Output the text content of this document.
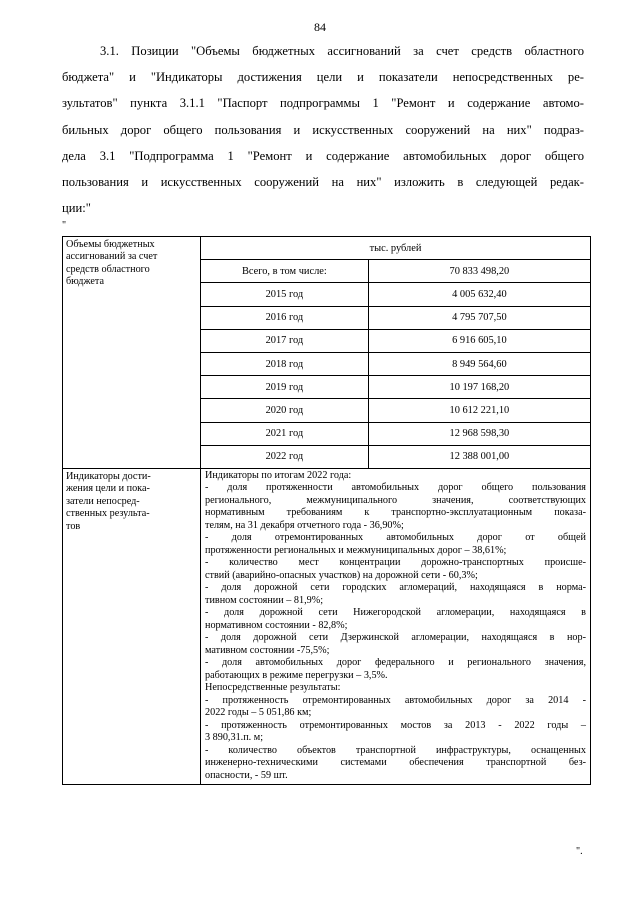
84
3.1. Позиции "Объемы бюджетных ассигнований за счет средств областного
бюджета" и "Индикаторы достижения цели и показатели непосредственных ре-
зультатов" пункта 3.1.1 "Паспорт подпрограммы 1 "Ремонт и содержание автомо-
бильных дорог общего пользования и искусственных сооружений на них" подраз-
дела 3.1 "Подпрограмма 1 "Ремонт и содержание автомобильных дорог общего
пользования и искусственных сооружений на них" изложить в следующей редак-
ции:"
"
Объемы бюджетных
ассигнований за счет
средств областного
бюджета

тыс. рублей
Всего, в том числе:	70 833 498,20
2015 год	4 005 632,40
2016 год	4 795 707,50
2017 год	6 916 605,10
2018 год	8 949 564,60
2019 год	10 197 168,20
2020 год	10 612 221,10
2021 год	12 968 598,30
2022 год	12 388 001,00

Индикаторы дости-
жения цели и пока-
затели непосред-
ственных результа-
тов

Индикаторы по итогам 2022 года:
- доля протяженности автомобильных дорог общего пользования
регионального, межмуниципального значения, соответствующих
нормативным требованиям к транспортно-эксплуатационным показа-
телям, на 31 декабря отчетного года - 36,90%;
- доля отремонтированных автомобильных дорог от общей
протяженности региональных и межмуниципальных дорог – 38,61%;
- количество мест концентрации дорожно-транспортных происше-
ствий (аварийно-опасных участков) на дорожной сети - 60,3%;
- доля дорожной сети городских агломераций, находящаяся в норма-
тивном состоянии – 81,9%;
- доля дорожной сети Нижегородской агломерации, находящаяся в
нормативном состоянии - 82,8%;
- доля дорожной сети Дзержинской агломерации, находящаяся в нор-
мативном состоянии -75,5%;
- доля автомобильных дорог федерального и регионального значения,
работающих в режиме перегрузки – 3,5%.
Непосредственные результаты:
- протяженность отремонтированных автомобильных дорог за 2014 -
2022 годы – 5 051,86 км;
- протяженность отремонтированных мостов за 2013 - 2022 годы –
3 890,31.п. м;
- количество объектов транспортной инфраструктуры, оснащенных
инженерно-техническими системами обеспечения транспортной без-
опасности, - 59 шт.
".
